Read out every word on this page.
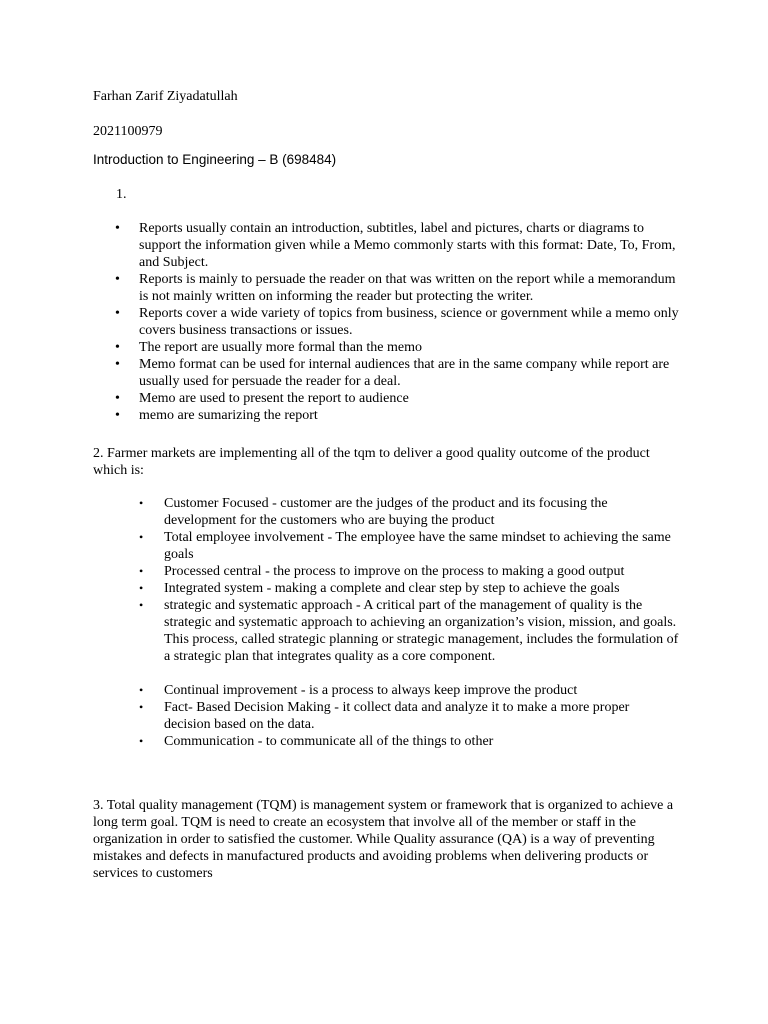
Farhan Zarif Ziyadatullah
2021100979
Introduction to Engineering – B (698484)
1.
• Reports usually contain an introduction, subtitles, label and pictures, charts or diagrams to support the information given while a Memo commonly starts with this format: Date, To, From, and Subject.
• Reports is mainly to persuade the reader on that was written on the report while a memorandum is not mainly written on informing the reader but protecting the writer.
• Reports cover a wide variety of topics from business, science or government while a memo only covers business transactions or issues.
• The report are usually more formal than the memo
• Memo format can be used for internal audiences that are in the same company while report are usually used for persuade the reader for a deal.
• Memo are used to present the report to audience
• memo are sumarizing the report
2. Farmer markets are implementing all of the tqm to deliver a good quality outcome of the product which is:
• Customer Focused - customer are the judges of the product and its focusing the development for the customers who are buying the product
• Total employee involvement - The employee have the same mindset to achieving the same goals
• Processed central - the process to improve on the process to making a good output
• Integrated system - making a complete and clear step by step to achieve the goals
• strategic and systematic approach - A critical part of the management of quality is the strategic and systematic approach to achieving an organization’s vision, mission, and goals. This process, called strategic planning or strategic management, includes the formulation of a strategic plan that integrates quality as a core component.
• Continual improvement - is a process to always keep improve the product
• Fact- Based Decision Making - it collect data and analyze it to make a more proper decision based on the data.
• Communication - to communicate all of the things to other
3. Total quality management (TQM) is management system or framework that is organized to achieve a long term goal. TQM is need to create an ecosystem that involve all of the member or staff in the organization in order to satisfied the customer. While Quality assurance (QA) is a way of preventing mistakes and defects in manufactured products and avoiding problems when delivering products or services to customers
